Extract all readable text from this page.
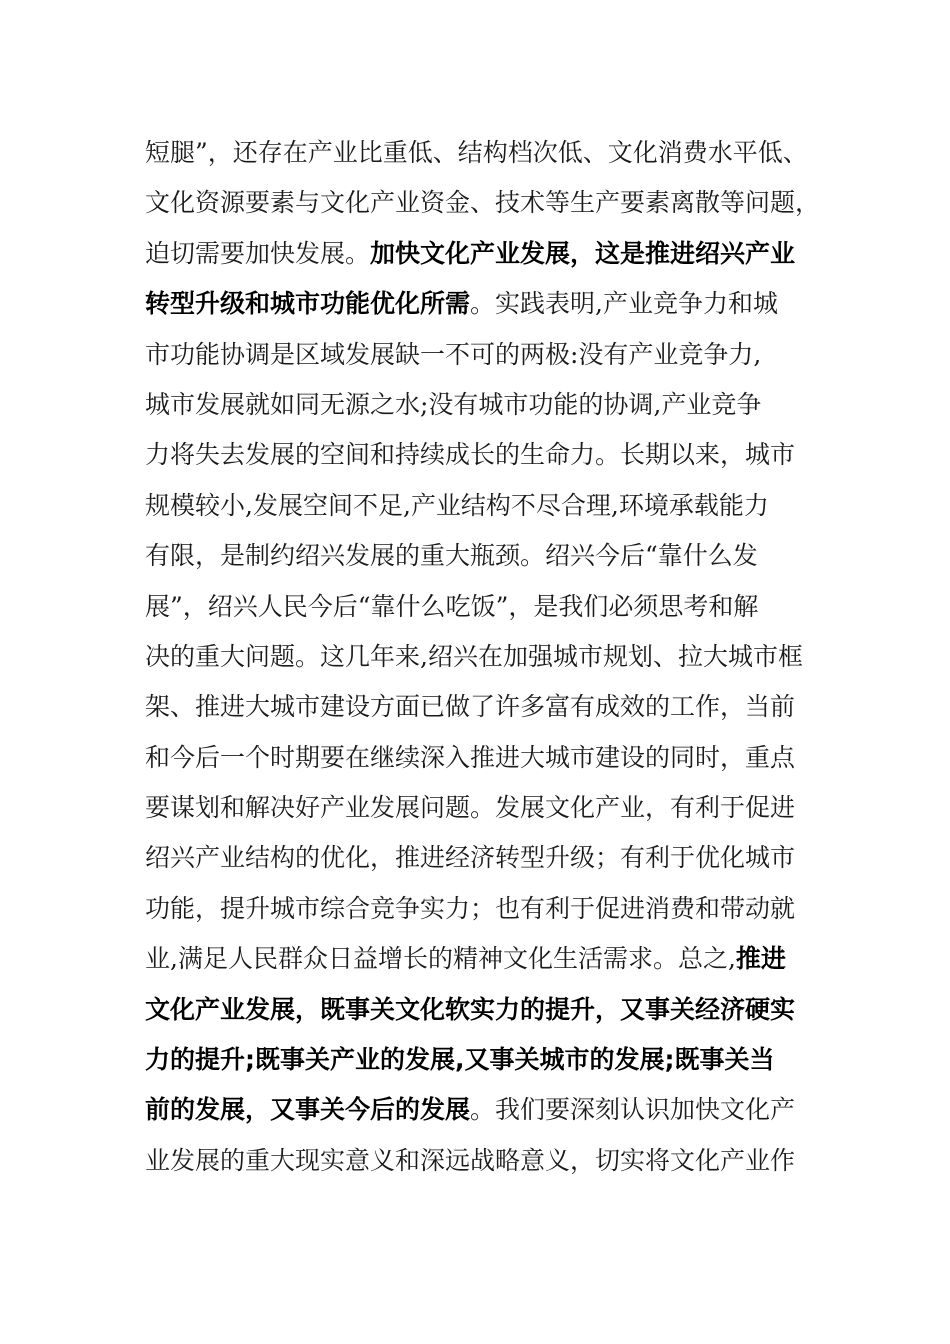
短腿”，还存在产业比重低、结构档次低、文化消费水平低、
文化资源要素与文化产业资金、技术等生产要素离散等问题，
迫切需要加快发展。加快文化产业发展，这是推进绍兴产业
转型升级和城市功能优化所需。实践表明,产业竞争力和城
市功能协调是区域发展缺一不可的两极:没有产业竞争力,
城市发展就如同无源之水;没有城市功能的协调,产业竞争
力将失去发展的空间和持续成长的生命力。长期以来，城市
规模较小,发展空间不足,产业结构不尽合理,环境承载能力
有限，是制约绍兴发展的重大瓶颈。绍兴今后“靠什么发
展”，绍兴人民今后“靠什么吃饭”，是我们必须思考和解
决的重大问题。这几年来,绍兴在加强城市规划、拉大城市框
架、推进大城市建设方面已做了许多富有成效的工作，当前
和今后一个时期要在继续深入推进大城市建设的同时，重点
要谋划和解决好产业发展问题。发展文化产业，有利于促进
绍兴产业结构的优化，推进经济转型升级；有利于优化城市
功能，提升城市综合竞争实力；也有利于促进消费和带动就
业,满足人民群众日益增长的精神文化生活需求。总之,推进
文化产业发展，既事关文化软实力的提升，又事关经济硬实
力的提升;既事关产业的发展,又事关城市的发展;既事关当
前的发展，又事关今后的发展。我们要深刻认识加快文化产
业发展的重大现实意义和深远战略意义，切实将文化产业作
